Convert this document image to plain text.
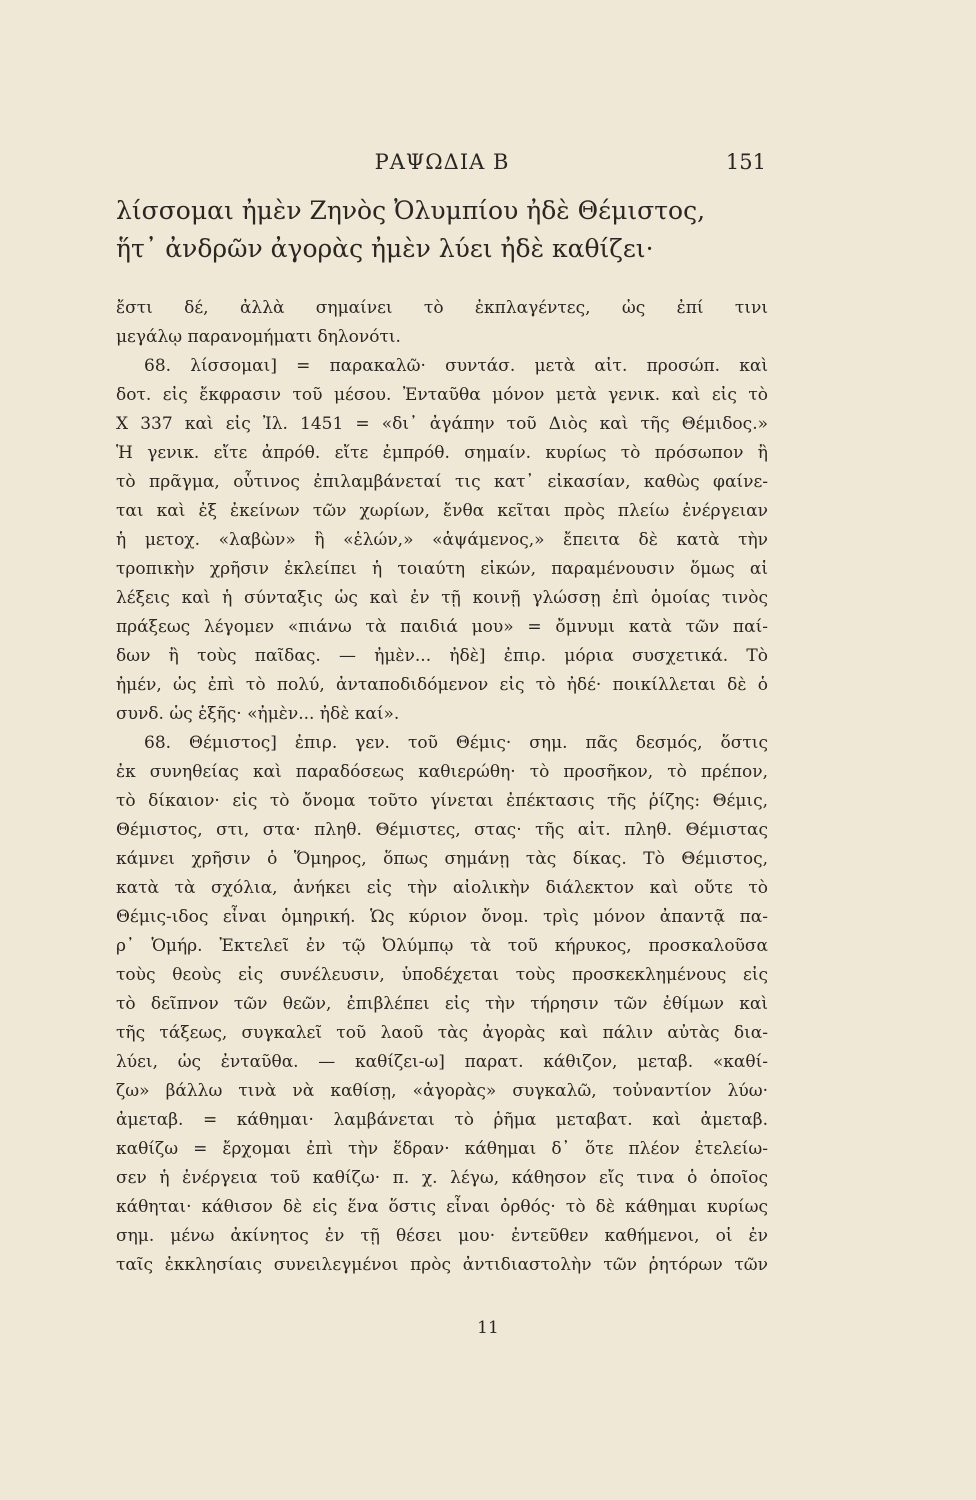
ΡΑΨΩΔΙΑ Β	151
λίσσομαι ἠμὲν Ζηνὸς Ὀλυμπίου ἠδὲ Θέμιστος,
ἥτ᾽ ἀνδρῶν ἀγορὰς ἠμὲν λύει ἠδὲ καθίζει·
ἔστι δέ, ἀλλὰ σημαίνει τὸ ἐκπλαγέντες, ὡς ἐπί τινι
μεγάλῳ παρανομήματι δηλονότι.
68. λίσσομαι] = παρακαλῶ· συντάσ. μετὰ αἰτ. προσώπ. καὶ
δοτ. εἰς ἔκφρασιν τοῦ μέσου. Ἐνταῦθα μόνον μετὰ γενικ. καὶ εἰς τὸ
Χ 337 καὶ εἰς Ἰλ. 1451 = «δι᾽ ἀγάπην τοῦ Διὸς καὶ τῆς Θέμιδος.»
Ἡ γενικ. εἴτε ἀπρόθ. εἴτε ἐμπρόθ. σημαίν. κυρίως τὸ πρόσωπον ἢ
τὸ πρᾶγμα, οὗτινος ἐπιλαμβάνεταί τις κατ᾽ εἰκασίαν, καθὼς φαίνε-
ται καὶ ἐξ ἐκείνων τῶν χωρίων, ἔνθα κεῖται πρὸς πλείω ἐνέργειαν
ἡ μετοχ. «λαβὼν» ἢ «ἑλών,» «ἁψάμενος,» ἔπειτα δὲ κατὰ τὴν
τροπικὴν χρῆσιν ἐκλείπει ἡ τοιαύτη εἰκών, παραμένουσιν ὅμως αἱ
λέξεις καὶ ἡ σύνταξις ὡς καὶ ἐν τῇ κοινῇ γλώσσῃ ἐπὶ ὁμοίας τινὸς
πράξεως λέγομεν «πιάνω τὰ παιδιά μου» = ὄμνυμι κατὰ τῶν παί-
δων ἢ τοὺς παῖδας. — ἠμὲν... ἠδὲ] ἐπιρ. μόρια συσχετικά. Τὸ
ἠμέν, ὡς ἐπὶ τὸ πολύ, ἀνταποδιδόμενον εἰς τὸ ἠδέ· ποικίλλεται δὲ ὁ
συνδ. ὡς ἑξῆς· «ἠμὲν... ἠδὲ καί».
68. Θέμιστος] ἐπιρ. γεν. τοῦ Θέμις· σημ. πᾶς δεσμός, ὅστις
ἐκ συνηθείας καὶ παραδόσεως καθιερώθη· τὸ προσῆκον, τὸ πρέπον,
τὸ δίκαιον· εἰς τὸ ὄνομα τοῦτο γίνεται ἐπέκτασις τῆς ῥίζης: Θέμις,
Θέμιστος, στι, στα· πληθ. Θέμιστες, στας· τῆς αἰτ. πληθ. Θέμιστας
κάμνει χρῆσιν ὁ Ὅμηρος, ὅπως σημάνῃ τὰς δίκας. Τὸ Θέμιστος,
κατὰ τὰ σχόλια, ἀνήκει εἰς τὴν αἰολικὴν διάλεκτον καὶ οὔτε τὸ
Θέμις-ιδος εἶναι ὁμηρική. Ὡς κύριον ὄνομ. τρὶς μόνον ἀπαντᾷ πα-
ρ᾽ Ὁμήρ. Ἐκτελεῖ ἐν τῷ Ὀλύμπῳ τὰ τοῦ κήρυκος, προσκαλοῦσα
τοὺς θεοὺς εἰς συνέλευσιν, ὑποδέχεται τοὺς προσκεκλημένους εἰς
τὸ δεῖπνον τῶν θεῶν, ἐπιβλέπει εἰς τὴν τήρησιν τῶν ἐθίμων καὶ
τῆς τάξεως, συγκαλεῖ τοῦ λαοῦ τὰς ἀγορὰς καὶ πάλιν αὐτὰς δια-
λύει, ὡς ἐνταῦθα. — καθίζει-ω] παρατ. κάθιζον, μεταβ. «καθί-
ζω» βάλλω τινὰ νὰ καθίσῃ, «ἀγορὰς» συγκαλῶ, τοὐναντίον λύω·
ἀμεταβ. = κάθημαι· λαμβάνεται τὸ ῥῆμα μεταβατ. καὶ ἀμεταβ.
καθίζω = ἔρχομαι ἐπὶ τὴν ἕδραν· κάθημαι δ᾽ ὅτε πλέον ἐτελείω-
σεν ἡ ἐνέργεια τοῦ καθίζω· π. χ. λέγω, κάθησον εἴς τινα ὁ ὁποῖος
κάθηται· κάθισον δὲ εἰς ἕνα ὅστις εἶναι ὀρθός· τὸ δὲ κάθημαι κυρίως
σημ. μένω ἀκίνητος ἐν τῇ θέσει μου· ἐντεῦθεν καθήμενοι, οἱ ἐν
ταῖς ἐκκλησίαις συνειλεγμένοι πρὸς ἀντιδιαστολὴν τῶν ῥητόρων τῶν
11
